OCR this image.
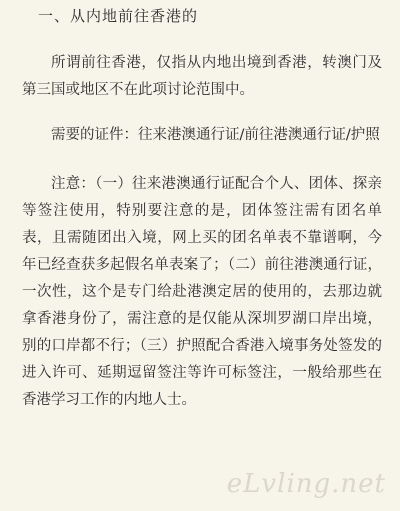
一、从内地前往香港的

所谓前往香港，仅指从内地出境到香港，转澳门及第三国或地区不在此项讨论范围中。

需要的证件：往来港澳通行证/前往港澳通行证/护照

注意：（一）往来港澳通行证配合个人、团体、探亲等签注使用，特别要注意的是，团体签注需有团名单表，且需随团出入境，网上买的团名单表不靠谱啊，今年已经查获多起假名单表案了；（二）前往港澳通行证，一次性，这个是专门给赴港澳定居的使用的，去那边就拿香港身份了，需注意的是仅能从深圳罗湖口岸出境，别的口岸都不行；（三）护照配合香港入境事务处签发的进入许可、延期逗留签注等许可标签注，一般给那些在香港学习工作的内地人士。

eLvling.net
